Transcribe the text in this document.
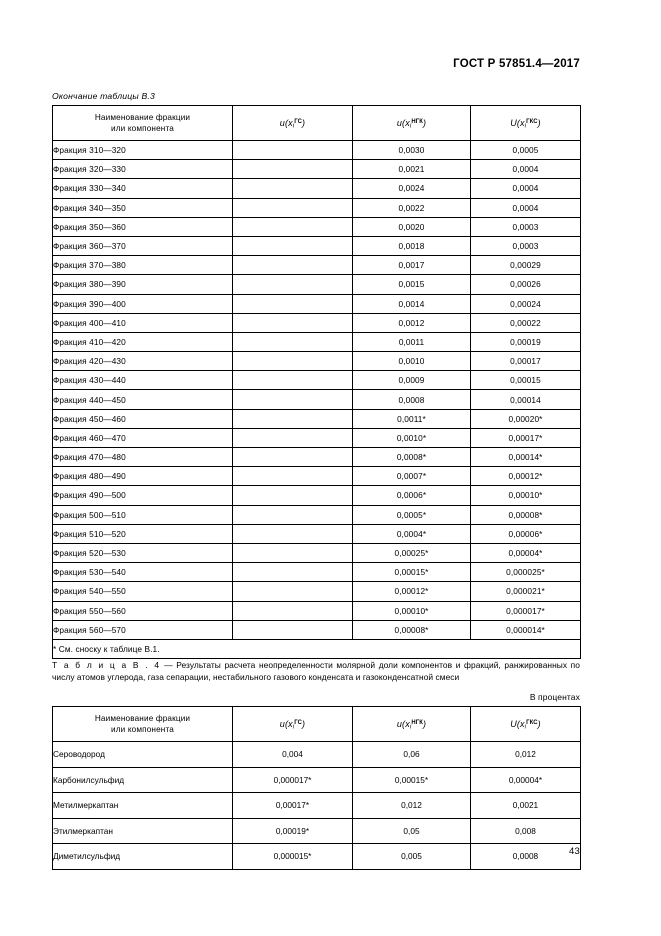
ГОСТ Р 57851.4—2017
Окончание таблицы В.3
Наименование фракции
или компонента	$u(x_i^{ГС})$	$u(x_i^{НГК})$	$U(x_i^{ГКС})$
Фракция 310—320		0,0030	0,0005
Фракция 320—330		0,0021	0,0004
Фракция 330—340		0,0024	0,0004
Фракция 340—350		0,0022	0,0004
Фракция 350—360		0,0020	0,0003
Фракция 360—370		0,0018	0,0003
Фракция 370—380		0,0017	0,00029
Фракция 380—390		0,0015	0,00026
Фракция 390—400		0,0014	0,00024
Фракция 400—410		0,0012	0,00022
Фракция 410—420		0,0011	0,00019
Фракция 420—430		0,0010	0,00017
Фракция 430—440		0,0009	0,00015
Фракция 440—450		0,0008	0,00014
Фракция 450—460		0,0011*	0,00020*
Фракция 460—470		0,0010*	0,00017*
Фракция 470—480		0,0008*	0,00014*
Фракция 480—490		0,0007*	0,00012*
Фракция 490—500		0,0006*	0,00010*
Фракция 500—510		0,0005*	0,00008*
Фракция 510—520		0,0004*	0,00006*
Фракция 520—530		0,00025*	0,00004*
Фракция 530—540		0,00015*	0,000025*
Фракция 540—550		0,00012*	0,000021*
Фракция 550—560		0,00010*	0,000017*
Фракция 560—570		0,00008*	0,000014*
* См. сноску к таблице В.1.			
Т а б л и ц а В . 4 — Результаты расчета неопределенности молярной доли компонентов и фракций, ранжированных по числу атомов углерода, газа сепарации, нестабильного газового конденсата и газоконденсатной смеси
В процентах
Наименование фракции
или компонента	$u(x_i^{ГС})$	$u(x_i^{НГК})$	$U(x_i^{ГКС})$
Сероводород	0,004	0,06	0,012
Карбонилсульфид	0,000017*	0,00015*	0,00004*
Метилмеркаптан	0,00017*	0,012	0,0021
Этилмеркаптан	0,00019*	0,05	0,008
Диметилсульфид	0,000015*	0,005	0,0008	43
